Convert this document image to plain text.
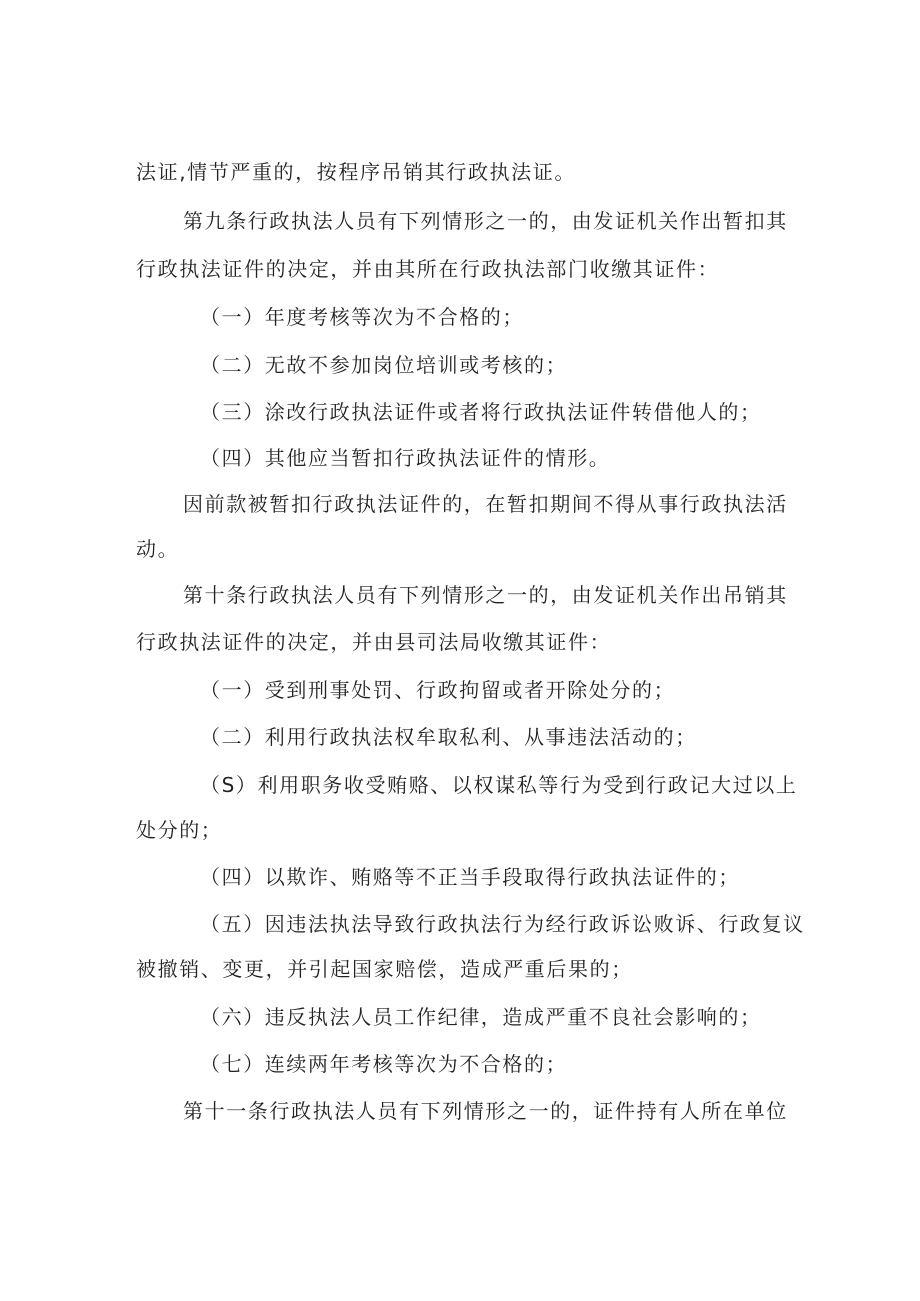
法证,情节严重的，按程序吊销其行政执法证。
第九条行政执法人员有下列情形之一的，由发证机关作出暂扣其
行政执法证件的决定，并由其所在行政执法部门收缴其证件：
（一）年度考核等次为不合格的；
（二）无故不参加岗位培训或考核的；
（三）涂改行政执法证件或者将行政执法证件转借他人的；
（四）其他应当暂扣行政执法证件的情形。
因前款被暂扣行政执法证件的，在暂扣期间不得从事行政执法活
动。
第十条行政执法人员有下列情形之一的，由发证机关作出吊销其
行政执法证件的决定，并由县司法局收缴其证件：
（一）受到刑事处罚、行政拘留或者开除处分的；
（二）利用行政执法权牟取私利、从事违法活动的；
（S）利用职务收受贿赂、以权谋私等行为受到行政记大过以上
处分的；
（四）以欺诈、贿赂等不正当手段取得行政执法证件的；
（五）因违法执法导致行政执法行为经行政诉讼败诉、行政复议
被撤销、变更，并引起国家赔偿，造成严重后果的；
（六）违反执法人员工作纪律，造成严重不良社会影响的；
（七）连续两年考核等次为不合格的；
第十一条行政执法人员有下列情形之一的，证件持有人所在单位
